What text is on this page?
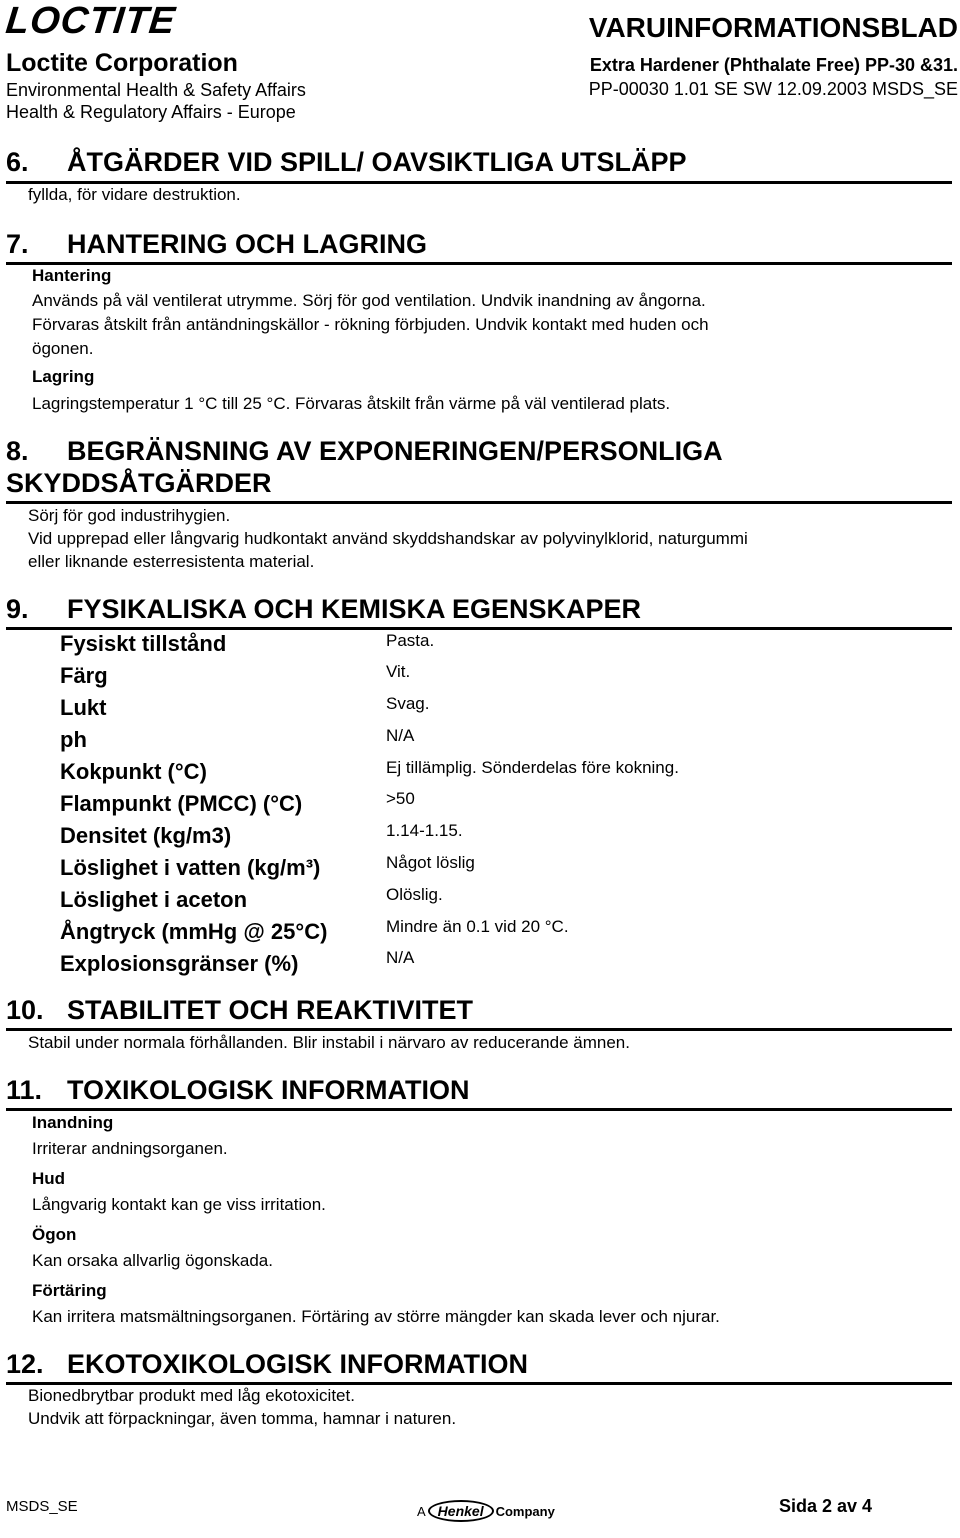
LOCTITE
Loctite Corporation
Environmental Health & Safety Affairs
Health & Regulatory Affairs - Europe
VARUINFORMATIONSBLAD
Extra Hardener (Phthalate Free) PP-30 &31.
PP-00030 1.01 SE SW 12.09.2003 MSDS_SE
6. ÅTGÄRDER VID SPILL/ OAVSIKTLIGA UTSLÄPP
fyllda, för vidare destruktion.
7. HANTERING OCH LAGRING
Hantering
Används på väl ventilerat utrymme. Sörj för god ventilation. Undvik inandning av ångorna.
Förvaras åtskilt från antändningskällor - rökning förbjuden. Undvik kontakt med huden och
ögonen.
Lagring
Lagringstemperatur 1 °C till 25 °C. Förvaras åtskilt från värme på väl ventilerad plats.
8. BEGRÄNSNING AV EXPONERINGEN/PERSONLIGA
SKYDDSÅTGÄRDER
Sörj för god industrihygien.
Vid upprepad eller långvarig hudkontakt använd skyddshandskar av polyvinylklorid, naturgummi
eller liknande esterresistenta material.
9. FYSIKALISKA OCH KEMISKA EGENSKAPER
Fysiskt tillstånd	Pasta.
Färg	Vit.
Lukt	Svag.
ph	N/A
Kokpunkt (°C)	Ej tillämplig. Sönderdelas före kokning.
Flampunkt (PMCC) (°C)	>50
Densitet (kg/m3)	1.14-1.15.
Löslighet i vatten (kg/m³)	Något löslig
Löslighet i aceton	Olöslig.
Ångtryck (mmHg @ 25°C)	Mindre än 0.1 vid 20 °C.
Explosionsgränser (%)	N/A
10. STABILITET OCH REAKTIVITET
Stabil under normala förhållanden. Blir instabil i närvaro av reducerande ämnen.
11. TOXIKOLOGISK INFORMATION
Inandning
Irriterar andningsorganen.
Hud
Långvarig kontakt kan ge viss irritation.
Ögon
Kan orsaka allvarlig ögonskada.
Förtäring
Kan irritera matsmältningsorganen. Förtäring av större mängder kan skada lever och njurar.
12. EKOTOXIKOLOGISK INFORMATION
Bionedbrytbar produkt med låg ekotoxicitet.
Undvik att förpackningar, även tomma, hamnar i naturen.
MSDS_SE	A Henkel Company	Sida 2 av 4
